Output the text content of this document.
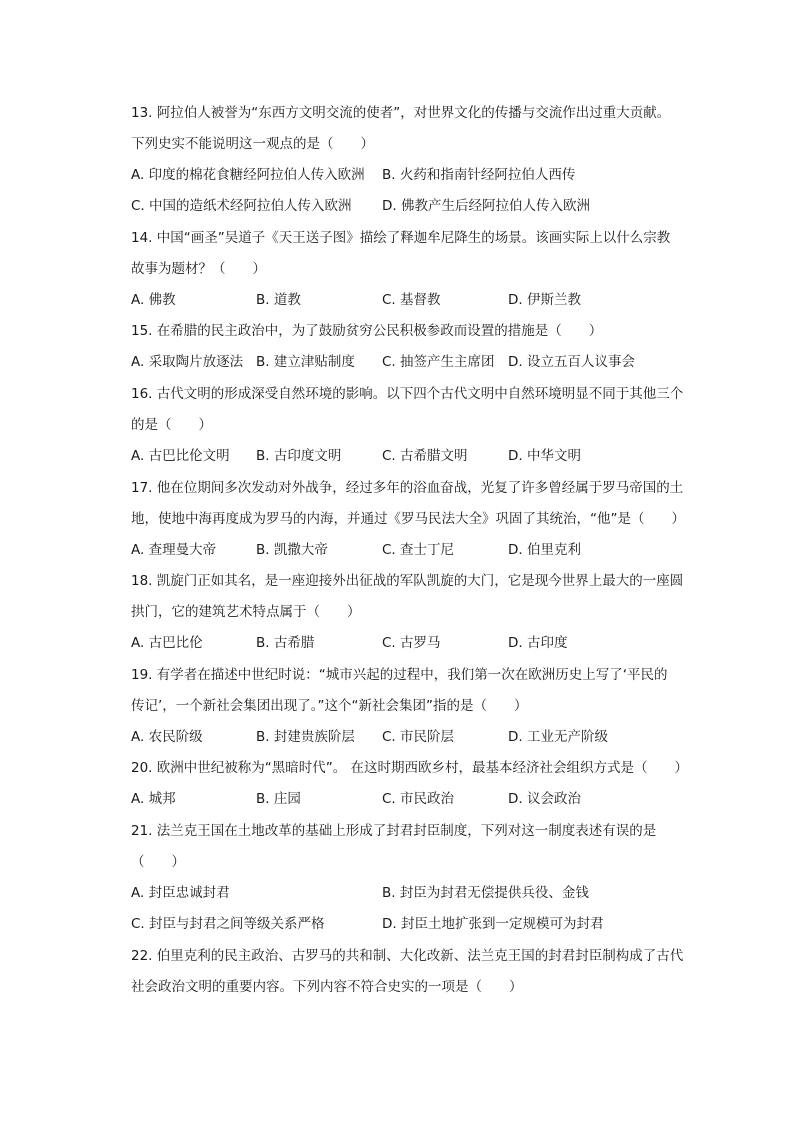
13. 阿拉伯人被誉为“东西方文明交流的使者”，对世界文化的传播与交流作出过重大贡献。
下列史实不能说明这一观点的是（　　）
A. 印度的棉花食糖经阿拉伯人传入欧洲 B. 火药和指南针经阿拉伯人西传
C. 中国的造纸术经阿拉伯人传入欧洲 D. 佛教产生后经阿拉伯人传入欧洲
14. 中国“画圣”吴道子《天王送子图》描绘了释迦牟尼降生的场景。该画实际上以什么宗教
故事为题材？（　　）
A. 佛教	B. 道教	C. 基督教	D. 伊斯兰教
15. 在希腊的民主政治中，为了鼓励贫穷公民积极参政而设置的措施是（　　）
A. 采取陶片放逐法 B. 建立津贴制度 C. 抽签产生主席团 D. 设立五百人议事会
16. 古代文明的形成深受自然环境的影响。以下四个古代文明中自然环境明显不同于其他三个
的是（　　）
A. 古巴比伦文明 B. 古印度文明	C. 古希腊文明	D. 中华文明
17. 他在位期间多次发动对外战争，经过多年的浴血奋战，光复了许多曾经属于罗马帝国的土
地，使地中海再度成为罗马的内海，并通过《罗马民法大全》巩固了其统治，“他”是（　　）
A. 查理曼大帝	B. 凯撒大帝	C. 查士丁尼	D. 伯里克利
18. 凯旋门正如其名，是一座迎接外出征战的军队凯旋的大门，它是现今世界上最大的一座圆
拱门，它的建筑艺术特点属于（　　）
A. 古巴比伦	B. 古希腊	C. 古罗马	D. 古印度
19. 有学者在描述中世纪时说：“城市兴起的过程中，我们第一次在欧洲历史上写了‘平民的
传记’，一个新社会集团出现了。”这个“新社会集团”指的是（　　）
A. 农民阶级	B. 封建贵族阶层 C. 市民阶层	D. 工业无产阶级
20. 欧洲中世纪被称为“黑暗时代”。 在这时期西欧乡村，最基本经济社会组织方式是（　　）
A. 城邦	B. 庄园	C. 市民政治	D. 议会政治
21. 法兰克王国在土地改革的基础上形成了封君封臣制度，下列对这一制度表述有误的是
（　　）
A. 封臣忠诚封君	B. 封臣为封君无偿提供兵役、金钱
C. 封臣与封君之间等级关系严格	D. 封臣土地扩张到一定规模可为封君
22. 伯里克利的民主政治、古罗马的共和制、大化改新、法兰克王国的封君封臣制构成了古代
社会政治文明的重要内容。下列内容不符合史实的一项是（　　）
